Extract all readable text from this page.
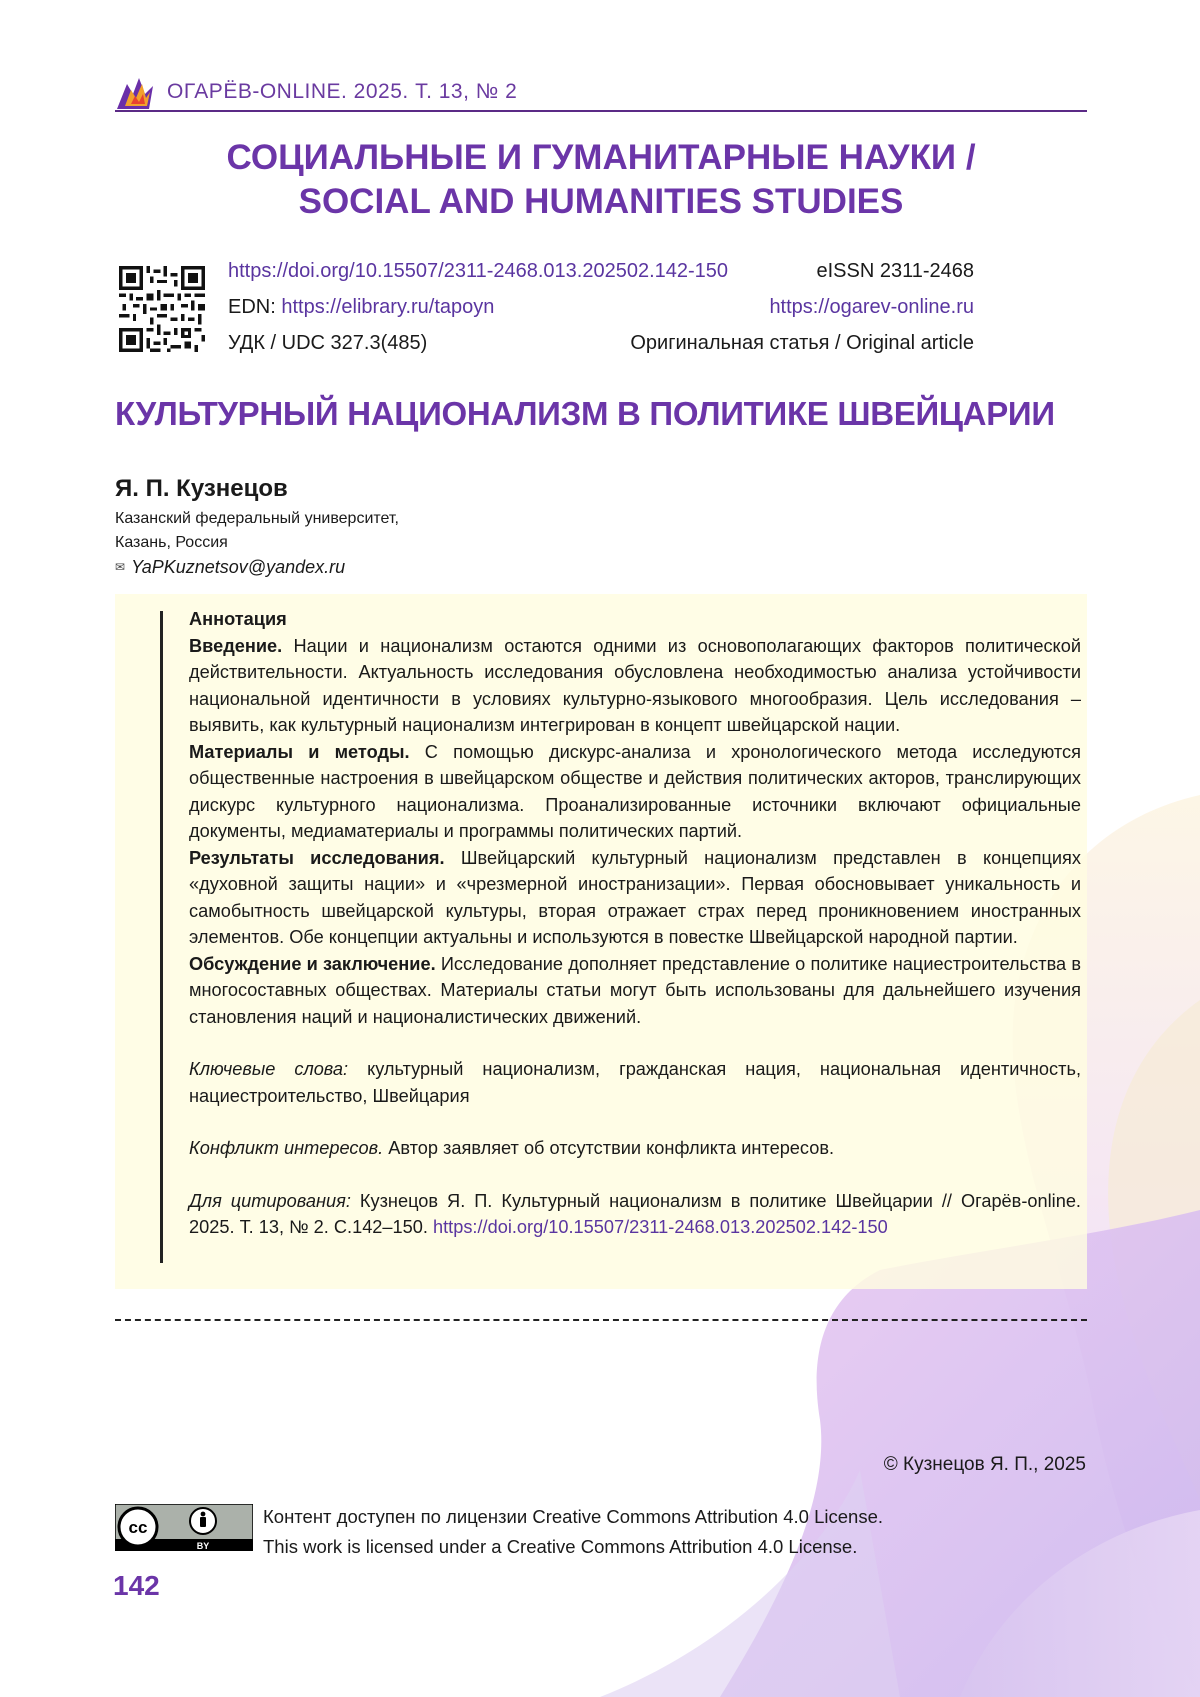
ОГАРЁВ-ONLINE. 2025. Т. 13, № 2
СОЦИАЛЬНЫЕ И ГУМАНИТАРНЫЕ НАУКИ /
SOCIAL AND HUMANITIES STUDIES
https://doi.org/10.15507/2311-2468.013.202502.142-150	eISSN 2311-2468
EDN: https://elibrary.ru/tapoyn	https://ogarev-online.ru
УДК / UDC 327.3(485)	Оригинальная статья / Original article
КУЛЬТУРНЫЙ НАЦИОНАЛИЗМ В ПОЛИТИКЕ ШВЕЙЦАРИИ
Я. П. Кузнецов
Казанский федеральный университет,
Казань, Россия
✉ YaPKuznetsov@yandex.ru

Аннотация

Введение. Нации и национализм остаются одними из основополагающих факторов политической действительности. Актуальность исследования обусловлена необходимостью анализа устойчивости национальной идентичности в условиях культурно-языкового многообразия. Цель исследования – выявить, как культурный национализм интегрирован в концепт швейцарской нации.

Материалы и методы. С помощью дискурс-анализа и хронологического метода исследуются общественные настроения в швейцарском обществе и действия политических акторов, транслирующих дискурс культурного национализма. Проанализированные источники включают официальные документы, медиаматериалы и программы политических партий.

Результаты исследования. Швейцарский культурный национализм представлен в концепциях «духовной защиты нации» и «чрезмерной иностранизации». Первая обосновывает уникальность и самобытность швейцарской культуры, вторая отражает страх перед проникновением иностранных элементов. Обе концепции актуальны и используются в повестке Швейцарской народной партии.

Обсуждение и заключение. Исследование дополняет представление о политике нациестроительства в многосоставных обществах. Материалы статьи могут быть использованы для дальнейшего изучения становления наций и националистических движений.

Ключевые слова: культурный национализм, гражданская нация, национальная идентичность, нациестроительство, Швейцария

Конфликт интересов. Автор заявляет об отсутствии конфликта интересов.

Для цитирования: Кузнецов Я. П. Культурный национализм в политике Швейцарии // Огарёв-online. 2025. Т. 13, № 2. С.142–150. https://doi.org/10.15507/2311-2468.013.202502.142-150

© Кузнецов Я. П., 2025
cc
BY
Контент доступен по лицензии Creative Commons Attribution 4.0 License.
This work is licensed under a Creative Commons Attribution 4.0 License.
142
